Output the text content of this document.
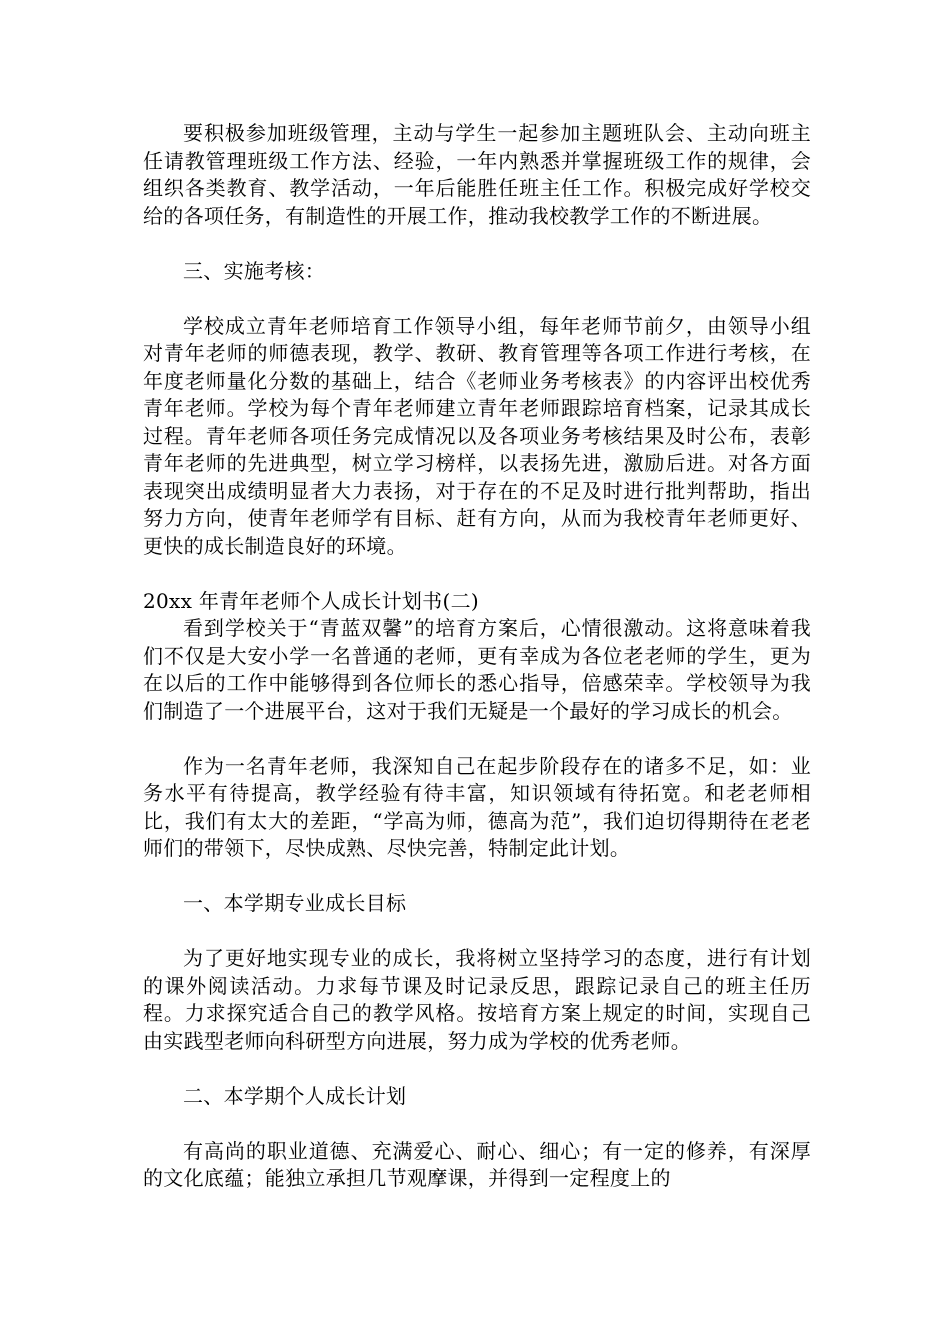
要积极参加班级管理，主动与学生一起参加主题班队会、主动向班主任请教管理班级工作方法、经验，一年内熟悉并掌握班级工作的规律，会组织各类教育、教学活动，一年后能胜任班主任工作。积极完成好学校交给的各项任务，有制造性的开展工作，推动我校教学工作的不断进展。

三、实施考核：

学校成立青年老师培育工作领导小组，每年老师节前夕，由领导小组对青年老师的师德表现，教学、教研、教育管理等各项工作进行考核，在年度老师量化分数的基础上，结合《老师业务考核表》的内容评出校优秀青年老师。学校为每个青年老师建立青年老师跟踪培育档案，记录其成长过程。青年老师各项任务完成情况以及各项业务考核结果及时公布，表彰青年老师的先进典型，树立学习榜样，以表扬先进，激励后进。对各方面表现突出成绩明显者大力表扬，对于存在的不足及时进行批判帮助，指出努力方向，使青年老师学有目标、赶有方向，从而为我校青年老师更好、更快的成长制造良好的环境。

20xx 年青年老师个人成长计划书(二)

看到学校关于“青蓝双馨”的培育方案后，心情很激动。这将意味着我们不仅是大安小学一名普通的老师，更有幸成为各位老老师的学生，更为在以后的工作中能够得到各位师长的悉心指导，倍感荣幸。学校领导为我们制造了一个进展平台，这对于我们无疑是一个最好的学习成长的机会。

作为一名青年老师，我深知自己在起步阶段存在的诸多不足，如：业务水平有待提高，教学经验有待丰富，知识领域有待拓宽。和老老师相比，我们有太大的差距，“学高为师，德高为范”，我们迫切得期待在老老师们的带领下，尽快成熟、尽快完善，特制定此计划。

一、本学期专业成长目标

为了更好地实现专业的成长，我将树立坚持学习的态度，进行有计划的课外阅读活动。力求每节课及时记录反思，跟踪记录自己的班主任历程。力求探究适合自己的教学风格。按培育方案上规定的时间，实现自己由实践型老师向科研型方向进展，努力成为学校的优秀老师。

二、本学期个人成长计划

有高尚的职业道德、充满爱心、耐心、细心；有一定的修养，有深厚的文化底蕴；能独立承担几节观摩课，并得到一定程度上的
